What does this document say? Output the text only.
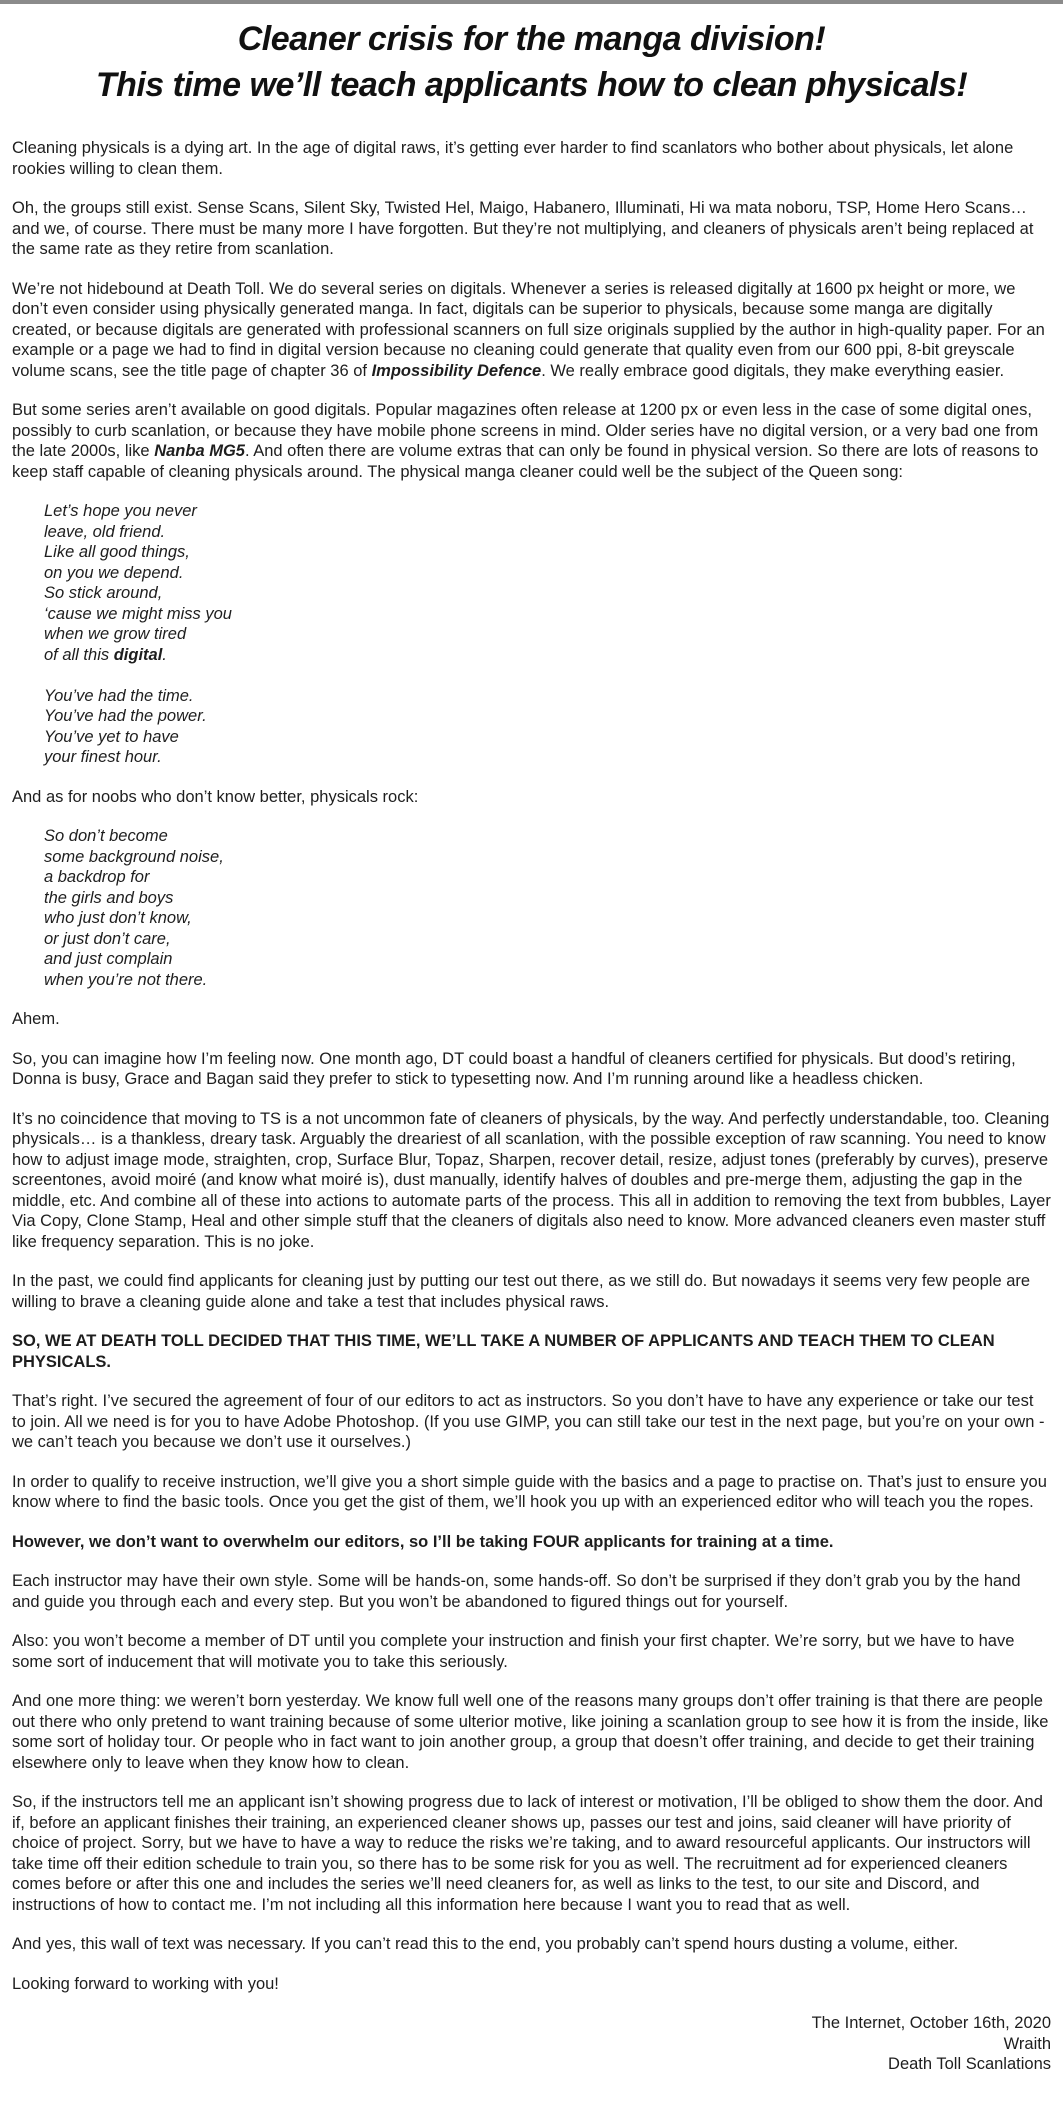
Cleaner crisis for the manga division!
This time we’ll teach applicants how to clean physicals!

Cleaning physicals is a dying art. In the age of digital raws, it’s getting ever harder to find scanlators who bother about physicals, let alone rookies willing to clean them.

Oh, the groups still exist. Sense Scans, Silent Sky, Twisted Hel, Maigo, Habanero, Illuminati, Hi wa mata noboru, TSP, Home Hero Scans… and we, of course. There must be many more I have forgotten. But they’re not multiplying, and cleaners of physicals aren’t being replaced at the same rate as they retire from scanlation.

We’re not hidebound at Death Toll. We do several series on digitals. Whenever a series is released digitally at 1600 px height or more, we don’t even consider using physically generated manga. In fact, digitals can be superior to physicals, because some manga are digitally created, or because digitals are generated with professional scanners on full size originals supplied by the author in high-quality paper. For an example or a page we had to find in digital version because no cleaning could generate that quality even from our 600 ppi, 8-bit greyscale volume scans, see the title page of chapter 36 of Impossibility Defence. We really embrace good digitals, they make everything easier.

But some series aren’t available on good digitals. Popular magazines often release at 1200 px or even less in the case of some digital ones, possibly to curb scanlation, or because they have mobile phone screens in mind. Older series have no digital version, or a very bad one from the late 2000s, like Nanba MG5. And often there are volume extras that can only be found in physical version. So there are lots of reasons to keep staff capable of cleaning physicals around. The physical manga cleaner could well be the subject of the Queen song:

Let’s hope you never
leave, old friend.
Like all good things,
on you we depend.
So stick around,
‘cause we might miss you
when we grow tired
of all this digital.
You’ve had the time.
You’ve had the power.
You’ve yet to have
your finest hour.

And as for noobs who don’t know better, physicals rock:

So don’t become
some background noise,
a backdrop for
the girls and boys
who just don’t know,
or just don’t care,
and just complain
when you’re not there.

Ahem.

So, you can imagine how I’m feeling now. One month ago, DT could boast a handful of cleaners certified for physicals. But dood’s retiring, Donna is busy, Grace and Bagan said they prefer to stick to typesetting now. And I’m running around like a headless chicken.

It’s no coincidence that moving to TS is a not uncommon fate of cleaners of physicals, by the way. And perfectly understandable, too. Cleaning physicals… is a thankless, dreary task. Arguably the dreariest of all scanlation, with the possible exception of raw scanning. You need to know how to adjust image mode, straighten, crop, Surface Blur, Topaz, Sharpen, recover detail, resize, adjust tones (preferably by curves), preserve screentones, avoid moiré (and know what moiré is), dust manually, identify halves of doubles and pre-merge them, adjusting the gap in the middle, etc. And combine all of these into actions to automate parts of the process. This all in addition to removing the text from bubbles, Layer Via Copy, Clone Stamp, Heal and other simple stuff that the cleaners of digitals also need to know. More advanced cleaners even master stuff like frequency separation. This is no joke.

In the past, we could find applicants for cleaning just by putting our test out there, as we still do. But nowadays it seems very few people are willing to brave a cleaning guide alone and take a test that includes physical raws.

SO, WE AT DEATH TOLL DECIDED THAT THIS TIME, WE’LL TAKE A NUMBER OF APPLICANTS AND TEACH THEM TO CLEAN PHYSICALS.

That’s right. I’ve secured the agreement of four of our editors to act as instructors. So you don’t have to have any experience or take our test to join. All we need is for you to have Adobe Photoshop. (If you use GIMP, you can still take our test in the next page, but you’re on your own - we can’t teach you because we don’t use it ourselves.)

In order to qualify to receive instruction, we’ll give you a short simple guide with the basics and a page to practise on. That’s just to ensure you know where to find the basic tools. Once you get the gist of them, we’ll hook you up with an experienced editor who will teach you the ropes.

However, we don’t want to overwhelm our editors, so I’ll be taking FOUR applicants for training at a time.

Each instructor may have their own style. Some will be hands-on, some hands-off. So don’t be surprised if they don’t grab you by the hand and guide you through each and every step. But you won’t be abandoned to figured things out for yourself.

Also: you won’t become a member of DT until you complete your instruction and finish your first chapter. We’re sorry, but we have to have some sort of inducement that will motivate you to take this seriously.

And one more thing: we weren’t born yesterday. We know full well one of the reasons many groups don’t offer training is that there are people out there who only pretend to want training because of some ulterior motive, like joining a scanlation group to see how it is from the inside, like some sort of holiday tour. Or people who in fact want to join another group, a group that doesn’t offer training, and decide to get their training elsewhere only to leave when they know how to clean.

So, if the instructors tell me an applicant isn’t showing progress due to lack of interest or motivation, I’ll be obliged to show them the door. And if, before an applicant finishes their training, an experienced cleaner shows up, passes our test and joins, said cleaner will have priority of choice of project. Sorry, but we have to have a way to reduce the risks we’re taking, and to award resourceful applicants. Our instructors will take time off their edition schedule to train you, so there has to be some risk for you as well. The recruitment ad for experienced cleaners comes before or after this one and includes the series we’ll need cleaners for, as well as links to the test, to our site and Discord, and instructions of how to contact me. I’m not including all this information here because I want you to read that as well.

And yes, this wall of text was necessary. If you can’t read this to the end, you probably can’t spend hours dusting a volume, either.

Looking forward to working with you!

The Internet, October 16th, 2020
Wraith
Death Toll Scanlations
